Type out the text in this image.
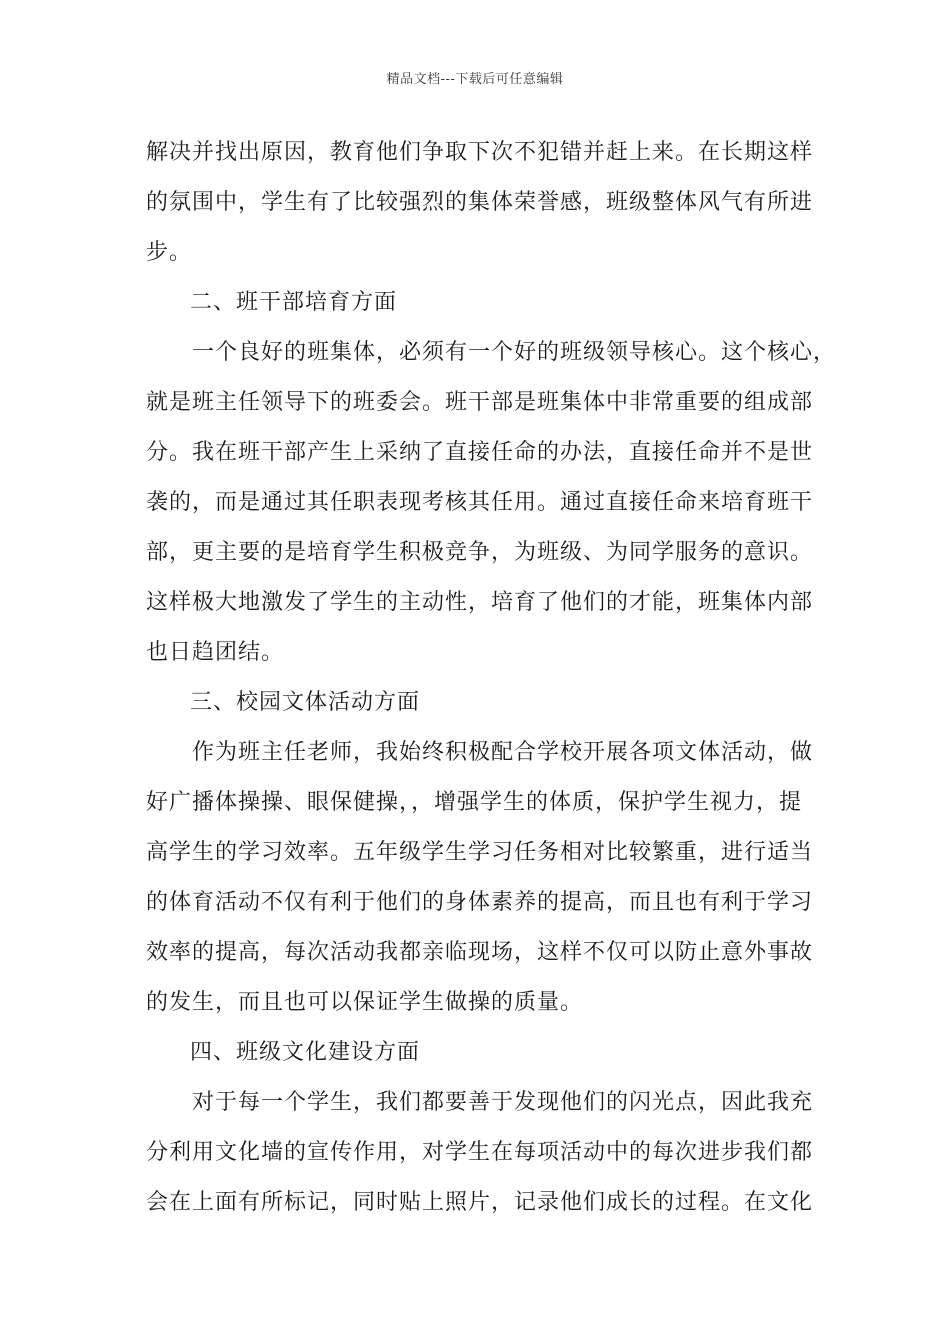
精品文档---下载后可任意编辑
解决并找出原因，教育他们争取下次不犯错并赶上来。在长期这样
的氛围中，学生有了比较强烈的集体荣誉感，班级整体风气有所进
步。
二、班干部培育方面
一个良好的班集体，必须有一个好的班级领导核心。这个核心，
就是班主任领导下的班委会。班干部是班集体中非常重要的组成部
分。我在班干部产生上采纳了直接任命的办法，直接任命并不是世
袭的，而是通过其任职表现考核其任用。通过直接任命来培育班干
部，更主要的是培育学生积极竞争，为班级、为同学服务的意识。
这样极大地激发了学生的主动性，培育了他们的才能，班集体内部
也日趋团结。
三、校园文体活动方面
作为班主任老师，我始终积极配合学校开展各项文体活动，做
好广播体操操、眼保健操，，增强学生的体质，保护学生视力，提
高学生的学习效率。五年级学生学习任务相对比较繁重，进行适当
的体育活动不仅有利于他们的身体素养的提高，而且也有利于学习
效率的提高，每次活动我都亲临现场，这样不仅可以防止意外事故
的发生，而且也可以保证学生做操的质量。
四、班级文化建设方面
对于每一个学生，我们都要善于发现他们的闪光点，因此我充
分利用文化墙的宣传作用，对学生在每项活动中的每次进步我们都
会在上面有所标记，同时贴上照片，记录他们成长的过程。在文化
